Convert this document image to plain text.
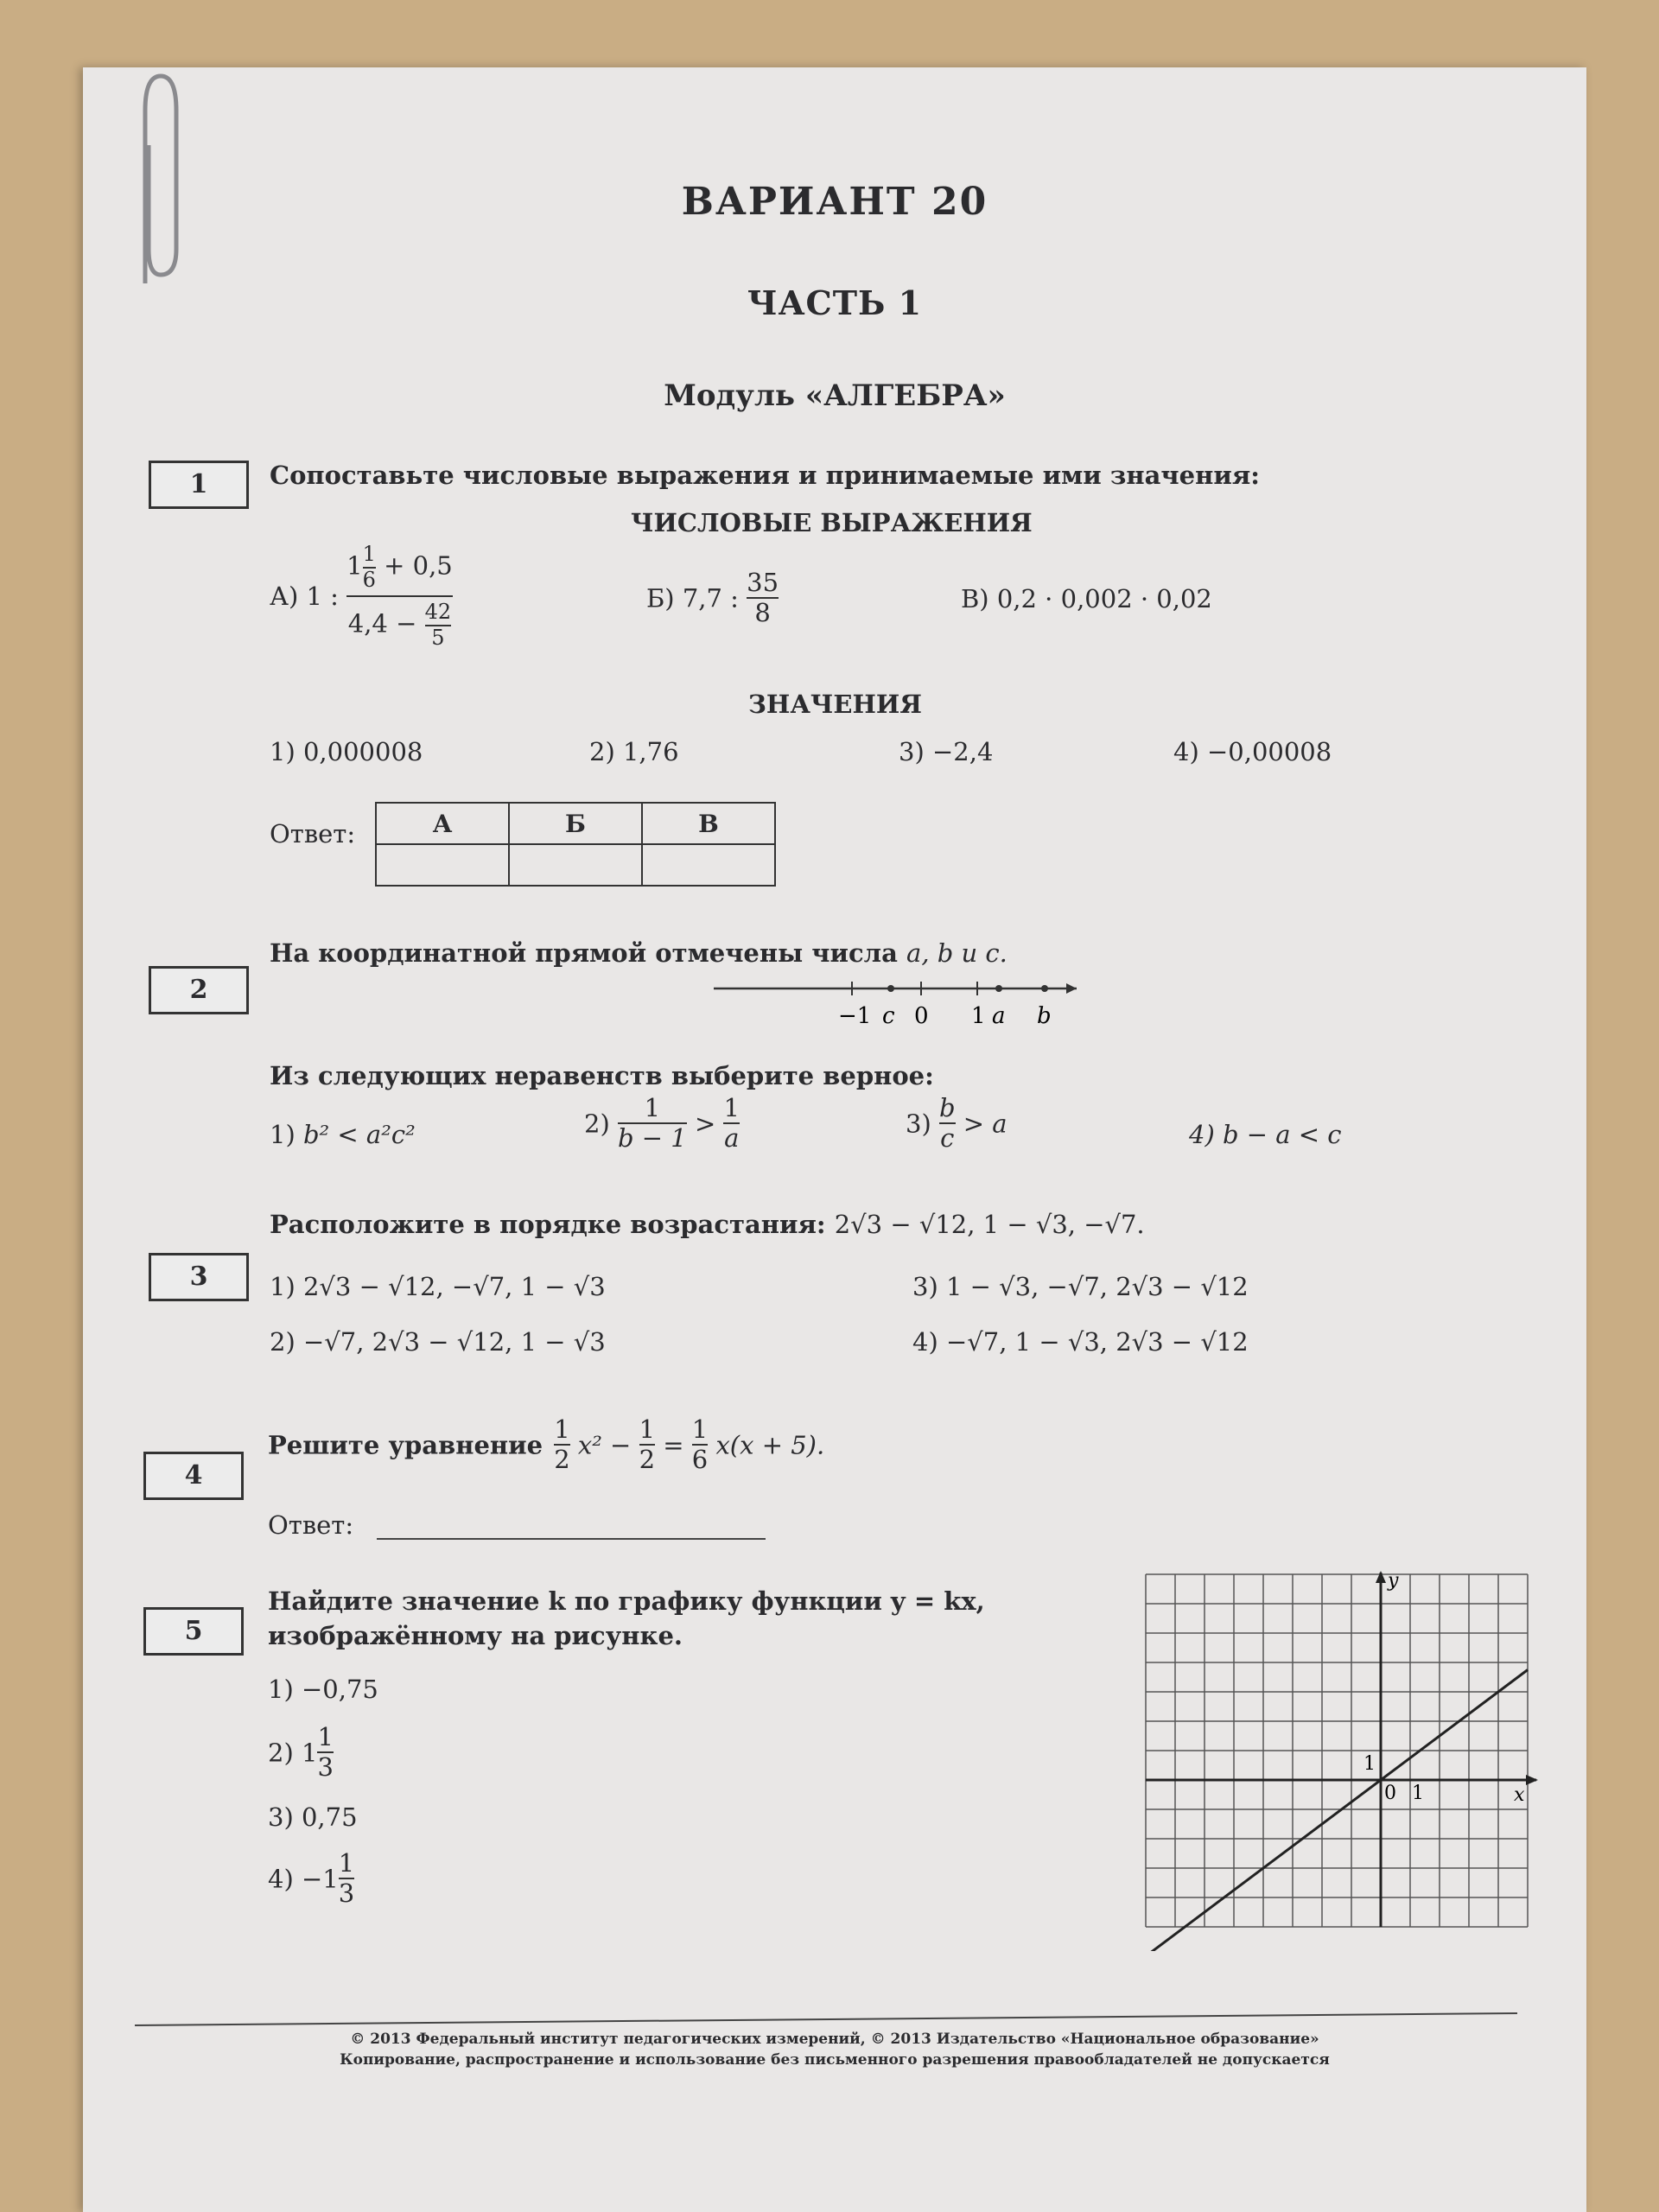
ВАРИАНТ 20
ЧАСТЬ 1
Модуль «АЛГЕБРА»
1	Сопоставьте числовые выражения и принимаемые ими значения:
ЧИСЛОВЫЕ ВЫРАЖЕНИЯ
А) 1 : $\frac{1 \frac{1}{6} + 0,5}{4,4 - \frac{42}{5}}$	Б) 7,7 : $\frac{35}{8}$	В) 0,2 · 0,002 · 0,02
ЗНАЧЕНИЯ
1) 0,000008	2) 1,76	3) −2,4	4) −0,00008
Ответ:	А	Б	В

2
На координатной прямой отмечены числа a, b и c.
−1 c 0 1 a b
Из следующих неравенств выберите верное:
1) b² < a²c²	$2) \frac{1}{b - 1} > \frac{1}{a}$	$3) \frac{b}{c} > a$	4) b − a < c
3
Расположите в порядке возрастания: 2√3 − √12, 1 − √3, −√7.
1) 2√3 − √12, −√7, 1 − √3
2) −√7, 2√3 − √12, 1 − √3
3) 1 − √3, −√7, 2√3 − √12
4) −√7, 1 − √3, 2√3 − √12
4
Решите уравнение $\frac{1}{2} x^2 - \frac{1}{2} = \frac{1}{6} x(x + 5)$.
Ответ:
5
Найдите значение k по графику функции y = kx,
изображённому на рисунке.
1) −0,75
2) $1 \frac{1}{3}$
3) 0,75
$4) -1 \frac{1}{3}$
y
x
1
0 1
© 2013 Федеральный институт педагогических измерений, © 2013 Издательство «Национальное образование»
Копирование, распространение и использование без письменного разрешения правообладателей не допускается
